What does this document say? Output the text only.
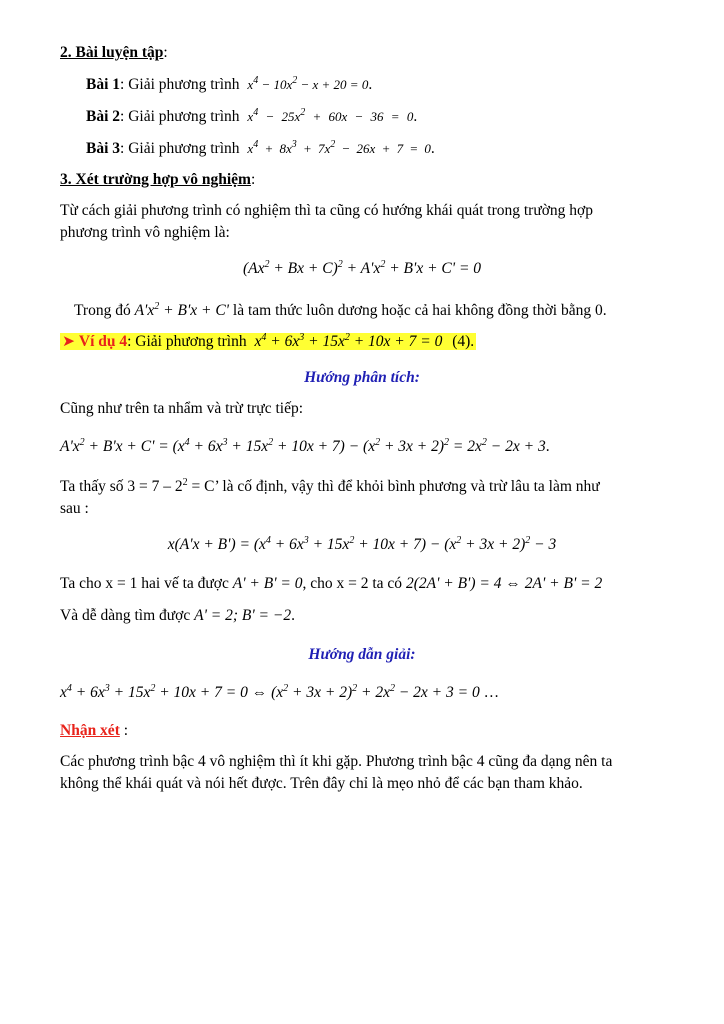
2. Bài luyện tập:
Bài 1: Giải phương trình $x^4 - 10x^2 - x + 20 = 0$.
Bài 2: Giải phương trình $x^4 - 25x^2 + 60x - 36 = 0$.
Bài 3: Giải phương trình $x^4 + 8x^3 + 7x^2 - 26x + 7 = 0$.
3. Xét trường hợp vô nghiệm:
Từ cách giải phương trình có nghiệm thì ta cũng có hướng khái quát trong trường hợp
phương trình vô nghiệm là:
$(Ax^2 + Bx + C)^2 + A'x^2 + B'x + C' = 0$
Trong đó $A'x^2 + B'x + C'$ là tam thức luôn dương hoặc cả hai không đồng thời bằng 0.
➤ Ví dụ 4: Giải phương trình $x^4 + 6x^3 + 15x^2 + 10x + 7 = 0$ (4).
Hướng phân tích:
Cũng như trên ta nhẩm và trừ trực tiếp:
$A'x^2 + B'x + C' = (x^4 + 6x^3 + 15x^2 + 10x + 7) - (x^2 + 3x + 2)^2 = 2x^2 - 2x + 3$.
Ta thấy số $3 = 7 - 2^2 = C$’ là cố định, vậy thì để khỏi bình phương và trừ lâu ta làm như
sau :
$x(A'x + B') = (x^4 + 6x^3 + 15x^2 + 10x + 7) - (x^2 + 3x + 2)^2 - 3$
Ta cho x = 1 hai vế ta được A' + B' = 0, cho x = 2 ta có 2(2A' + B') = 4 ⇔ 2A' + B' = 2
Và dễ dàng tìm được A' = 2; B' = −2.
Hướng dẫn giải:
$x^4 + 6x^3 + 15x^2 + 10x + 7 = 0$ ⇔ $(x^2 + 3x + 2)^2 + 2x^2 - 2x + 3 = 0$ …
Nhận xét :
Các phương trình bậc 4 vô nghiệm thì ít khi gặp. Phương trình bậc 4 cũng đa dạng nên ta
không thể khái quát và nói hết được. Trên đây chỉ là mẹo nhỏ để các bạn tham khảo.
